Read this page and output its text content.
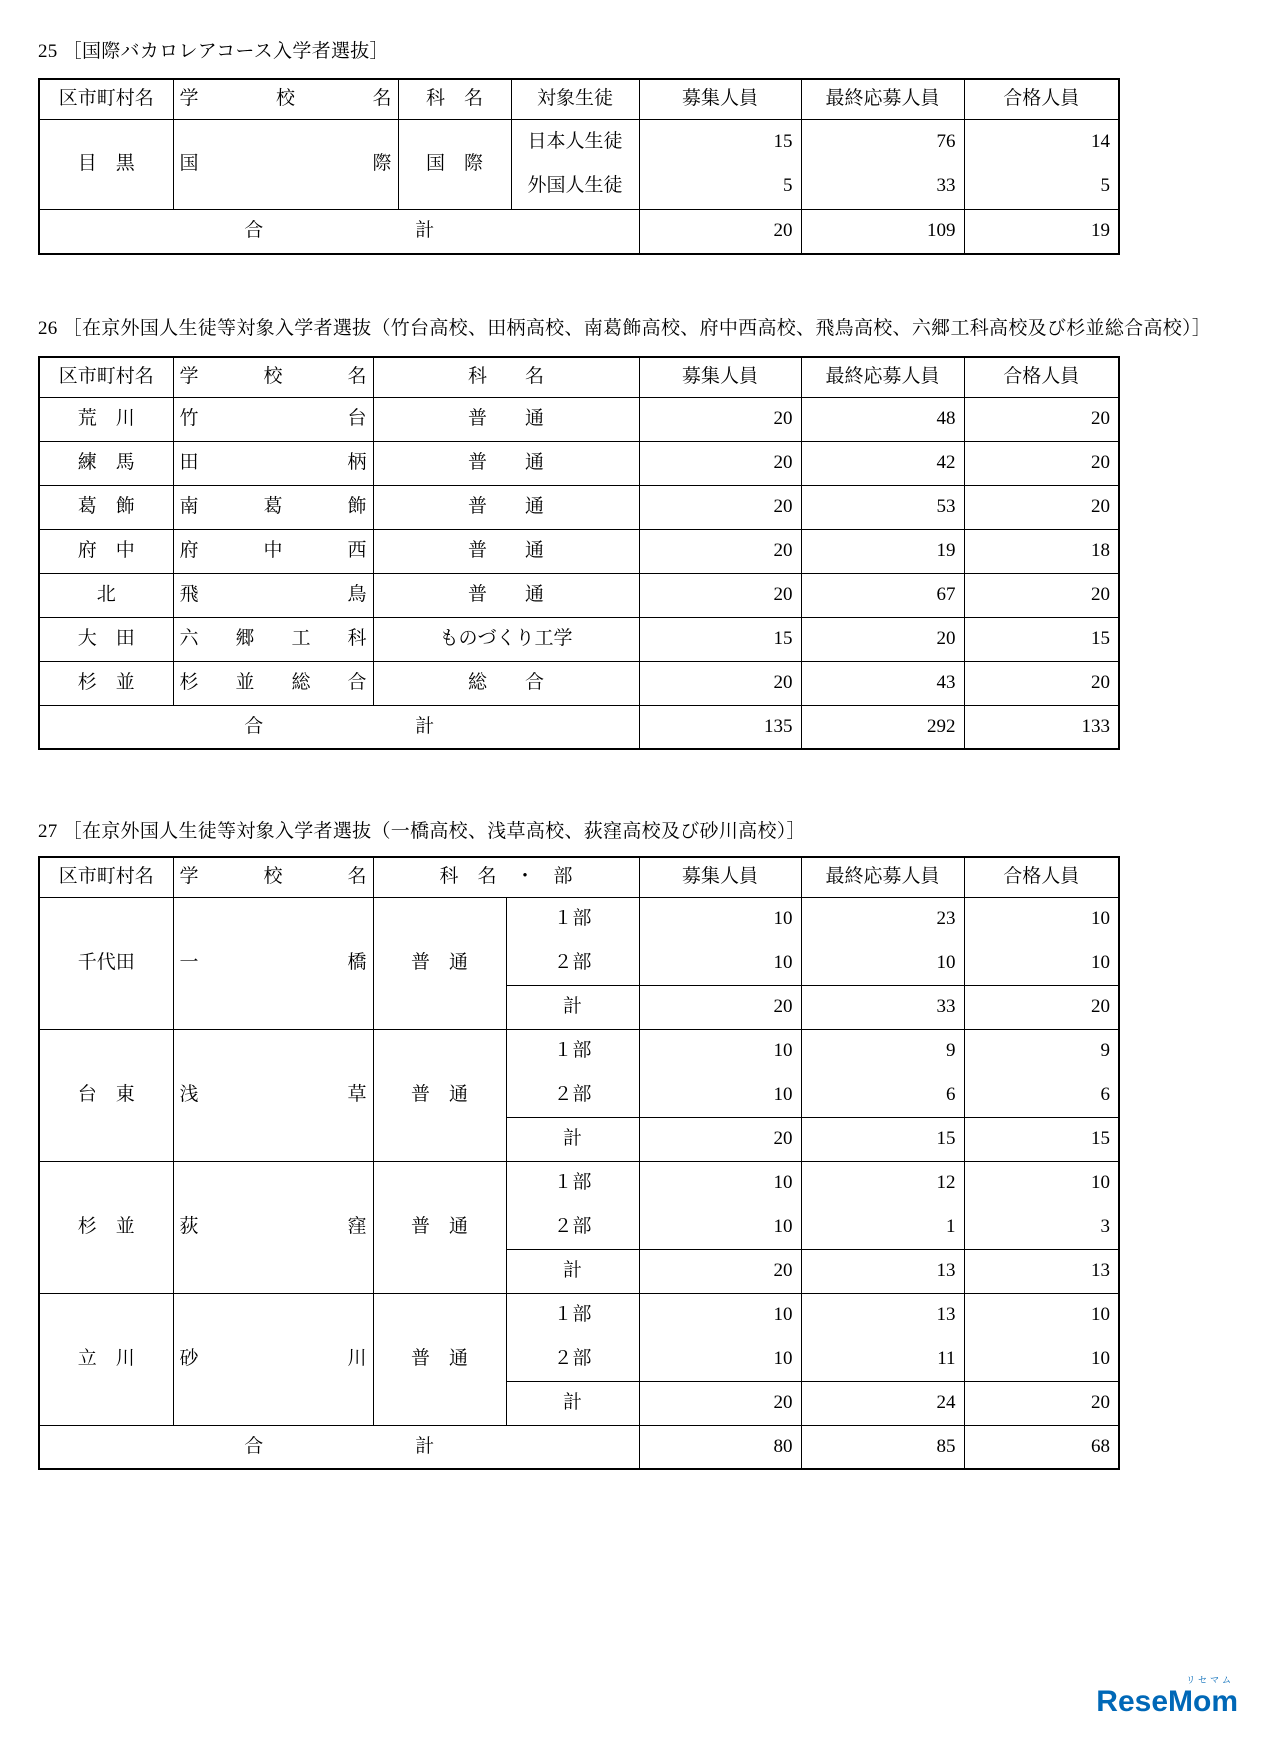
25 ［国際バカロレアコース入学者選抜］
区市町村名	学校名	科　名	対象生徒	募集人員	最終応募人員	合格人員
目　黒	国際	国　際	日本人生徒	15	76	14
			外国人生徒	5	33	5
合　　　　　　　　計				20	109	19
26 ［在京外国人生徒等対象入学者選抜（竹台高校、田柄高校、南葛飾高校、府中西高校、飛鳥高校、六郷工科高校及び杉並総合高校）］
区市町村名	学校名	科　　名	募集人員	最終応募人員	合格人員
荒　川	竹台	普　　通	20	48	20
練　馬	田柄	普　　通	20	42	20
葛　飾	南葛飾	普　　通	20	53	20
府　中	府中西	普　　通	20	19	18
北	飛鳥	普　　通	20	67	20
大　田	六郷工科	ものづくり工学	15	20	15
杉　並	杉並総合	総　　合	20	43	20
合　　　　　　　　計			135	292	133
27 ［在京外国人生徒等対象入学者選抜（一橋高校、浅草高校、荻窪高校及び砂川高校）］
区市町村名	学校名	科　名　・　部		募集人員	最終応募人員	合格人員
千代田	一橋	普　通	１部	10	23	10
			２部	10	10	10
			計	20	33	20
台　東	浅草	普　通	１部	10	9	9
			２部	10	6	6
			計	20	15	15
杉　並	荻窪	普　通	１部	10	12	10
			２部	10	1	3
			計	20	13	13
立　川	砂川	普　通	１部	10	13	10
			２部	10	11	10
			計	20	24	20
合　　　　　　　　計				80	85	68
リセマム
ReseMom
